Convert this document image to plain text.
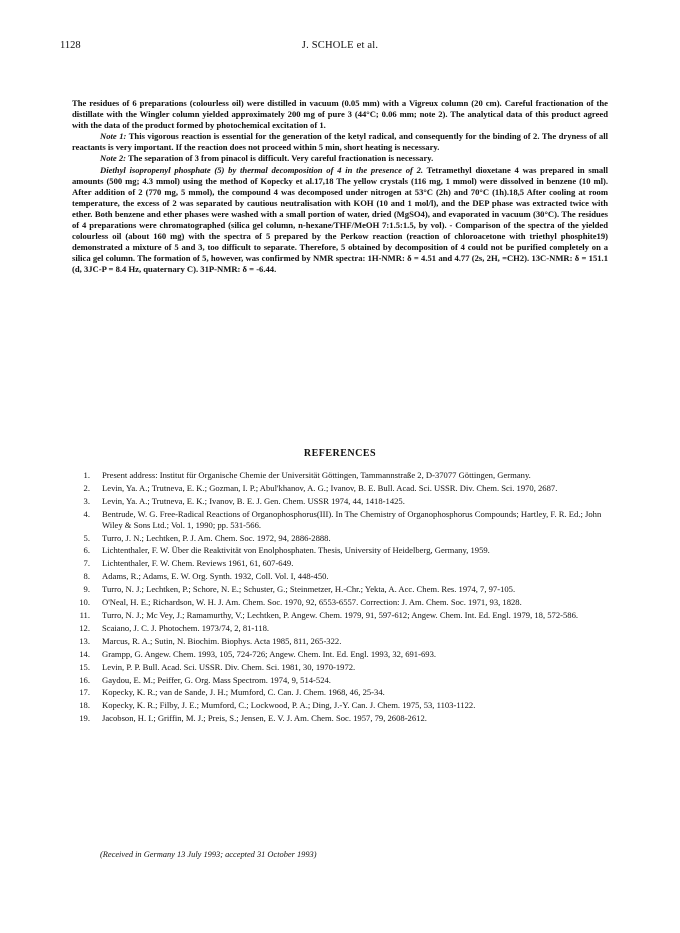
1128	J. SCHOLE et al.

The residues of 6 preparations (colourless oil) were distilled in vacuum (0.05 mm) with a Vigreux column (20 cm). Careful fractionation of the distillate with the Wingler column yielded approximately 200 mg of pure 3 (44°C; 0.06 mm; note 2). The analytical data of this product agreed with the data of the product formed by photochemical excitation of 1.

Note 1: This vigorous reaction is essential for the generation of the ketyl radical, and consequently for the binding of 2. The dryness of all reactants is very important. If the reaction does not proceed within 5 min, short heating is necessary.

Note 2: The separation of 3 from pinacol is difficult. Very careful fractionation is necessary.

Diethyl isopropenyl phosphate (5) by thermal decomposition of 4 in the presence of 2. Tetramethyl dioxetane 4 was prepared in small amounts (500 mg; 4.3 mmol) using the method of Kopecky et al.17,18 The yellow crystals (116 mg, 1 mmol) were dissolved in benzene (10 ml). After addition of 2 (770 mg, 5 mmol), the compound 4 was decomposed under nitrogen at 53°C (2h) and 70°C (1h).18,5 After cooling at room temperature, the excess of 2 was separated by cautious neutralisation with KOH (10 and 1 mol/l), and the DEP phase was extracted twice with ether. Both benzene and ether phases were washed with a small portion of water, dried (MgSO4), and evaporated in vacuum (30°C). The residues of 4 preparations were chromatographed (silica gel column, n-hexane/THF/MeOH 7:1.5:1.5, by vol). - Comparison of the spectra of the yielded colourless oil (about 160 mg) with the spectra of 5 prepared by the Perkow reaction (reaction of chloroacetone with triethyl phosphite19) demonstrated a mixture of 5 and 3, too difficult to separate. Therefore, 5 obtained by decomposition of 4 could not be purified completely on a silica gel column. The formation of 5, however, was confirmed by NMR spectra: 1H-NMR: δ = 4.51 and 4.77 (2s, 2H, =CH2). 13C-NMR: δ = 151.1 (d, 3JC-P = 8.4 Hz, quaternary C). 31P-NMR: δ = -6.44.

REFERENCES
1. Present address: Institut für Organische Chemie der Universität Göttingen, Tammannstraße 2, D-37077 Göttingen, Germany.
2. Levin, Ya. A.; Trutneva, E. K.; Gozman, I. P.; Abul'khanov, A. G.; Ivanov, B. E. Bull. Acad. Sci. USSR. Div. Chem. Sci. 1970, 2687.
3. Levin, Ya. A.; Trutneva, E. K.; Ivanov, B. E. J. Gen. Chem. USSR 1974, 44, 1418-1425.
4. Bentrude, W. G. Free-Radical Reactions of Organophosphorus(III). In The Chemistry of Organophosphorus Compounds; Hartley, F. R. Ed.; John Wiley & Sons Ltd.; Vol. 1, 1990; pp. 531-566.
5. Turro, J. N.; Lechtken, P. J. Am. Chem. Soc. 1972, 94, 2886-2888.
6. Lichtenthaler, F. W. Über die Reaktivität von Enolphosphaten. Thesis, University of Heidelberg, Germany, 1959.
7. Lichtenthaler, F. W. Chem. Reviews 1961, 61, 607-649.
8. Adams, R.; Adams, E. W. Org. Synth. 1932, Coll. Vol. I, 448-450.
9. Turro, N. J.; Lechtken, P.; Schore, N. E.; Schuster, G.; Steinmetzer, H.-Chr.; Yekta, A. Acc. Chem. Res. 1974, 7, 97-105.
10. O'Neal, H. E.; Richardson, W. H. J. Am. Chem. Soc. 1970, 92, 6553-6557. Correction: J. Am. Chem. Soc. 1971, 93, 1828.
11. Turro, N. J.; Mc Vey, J.; Ramamurthy, V.; Lechtken, P. Angew. Chem. 1979, 91, 597-612; Angew. Chem. Int. Ed. Engl. 1979, 18, 572-586.
12. Scaiano, J. C. J. Photochem. 1973/74, 2, 81-118.
13. Marcus, R. A.; Sutin, N. Biochim. Biophys. Acta 1985, 811, 265-322.
14. Grampp, G. Angew. Chem. 1993, 105, 724-726; Angew. Chem. Int. Ed. Engl. 1993, 32, 691-693.
15. Levin, P. P. Bull. Acad. Sci. USSR. Div. Chem. Sci. 1981, 30, 1970-1972.
16. Gaydou, E. M.; Peiffer, G. Org. Mass Spectrom. 1974, 9, 514-524.
17. Kopecky, K. R.; van de Sande, J. H.; Mumford, C. Can. J. Chem. 1968, 46, 25-34.
18. Kopecky, K. R.; Filby, J. E.; Mumford, C.; Lockwood, P. A.; Ding, J.-Y. Can. J. Chem. 1975, 53, 1103-1122.
19. Jacobson, H. I.; Griffin, M. J.; Preis, S.; Jensen, E. V. J. Am. Chem. Soc. 1957, 79, 2608-2612.
(Received in Germany 13 July 1993; accepted 31 October 1993)
